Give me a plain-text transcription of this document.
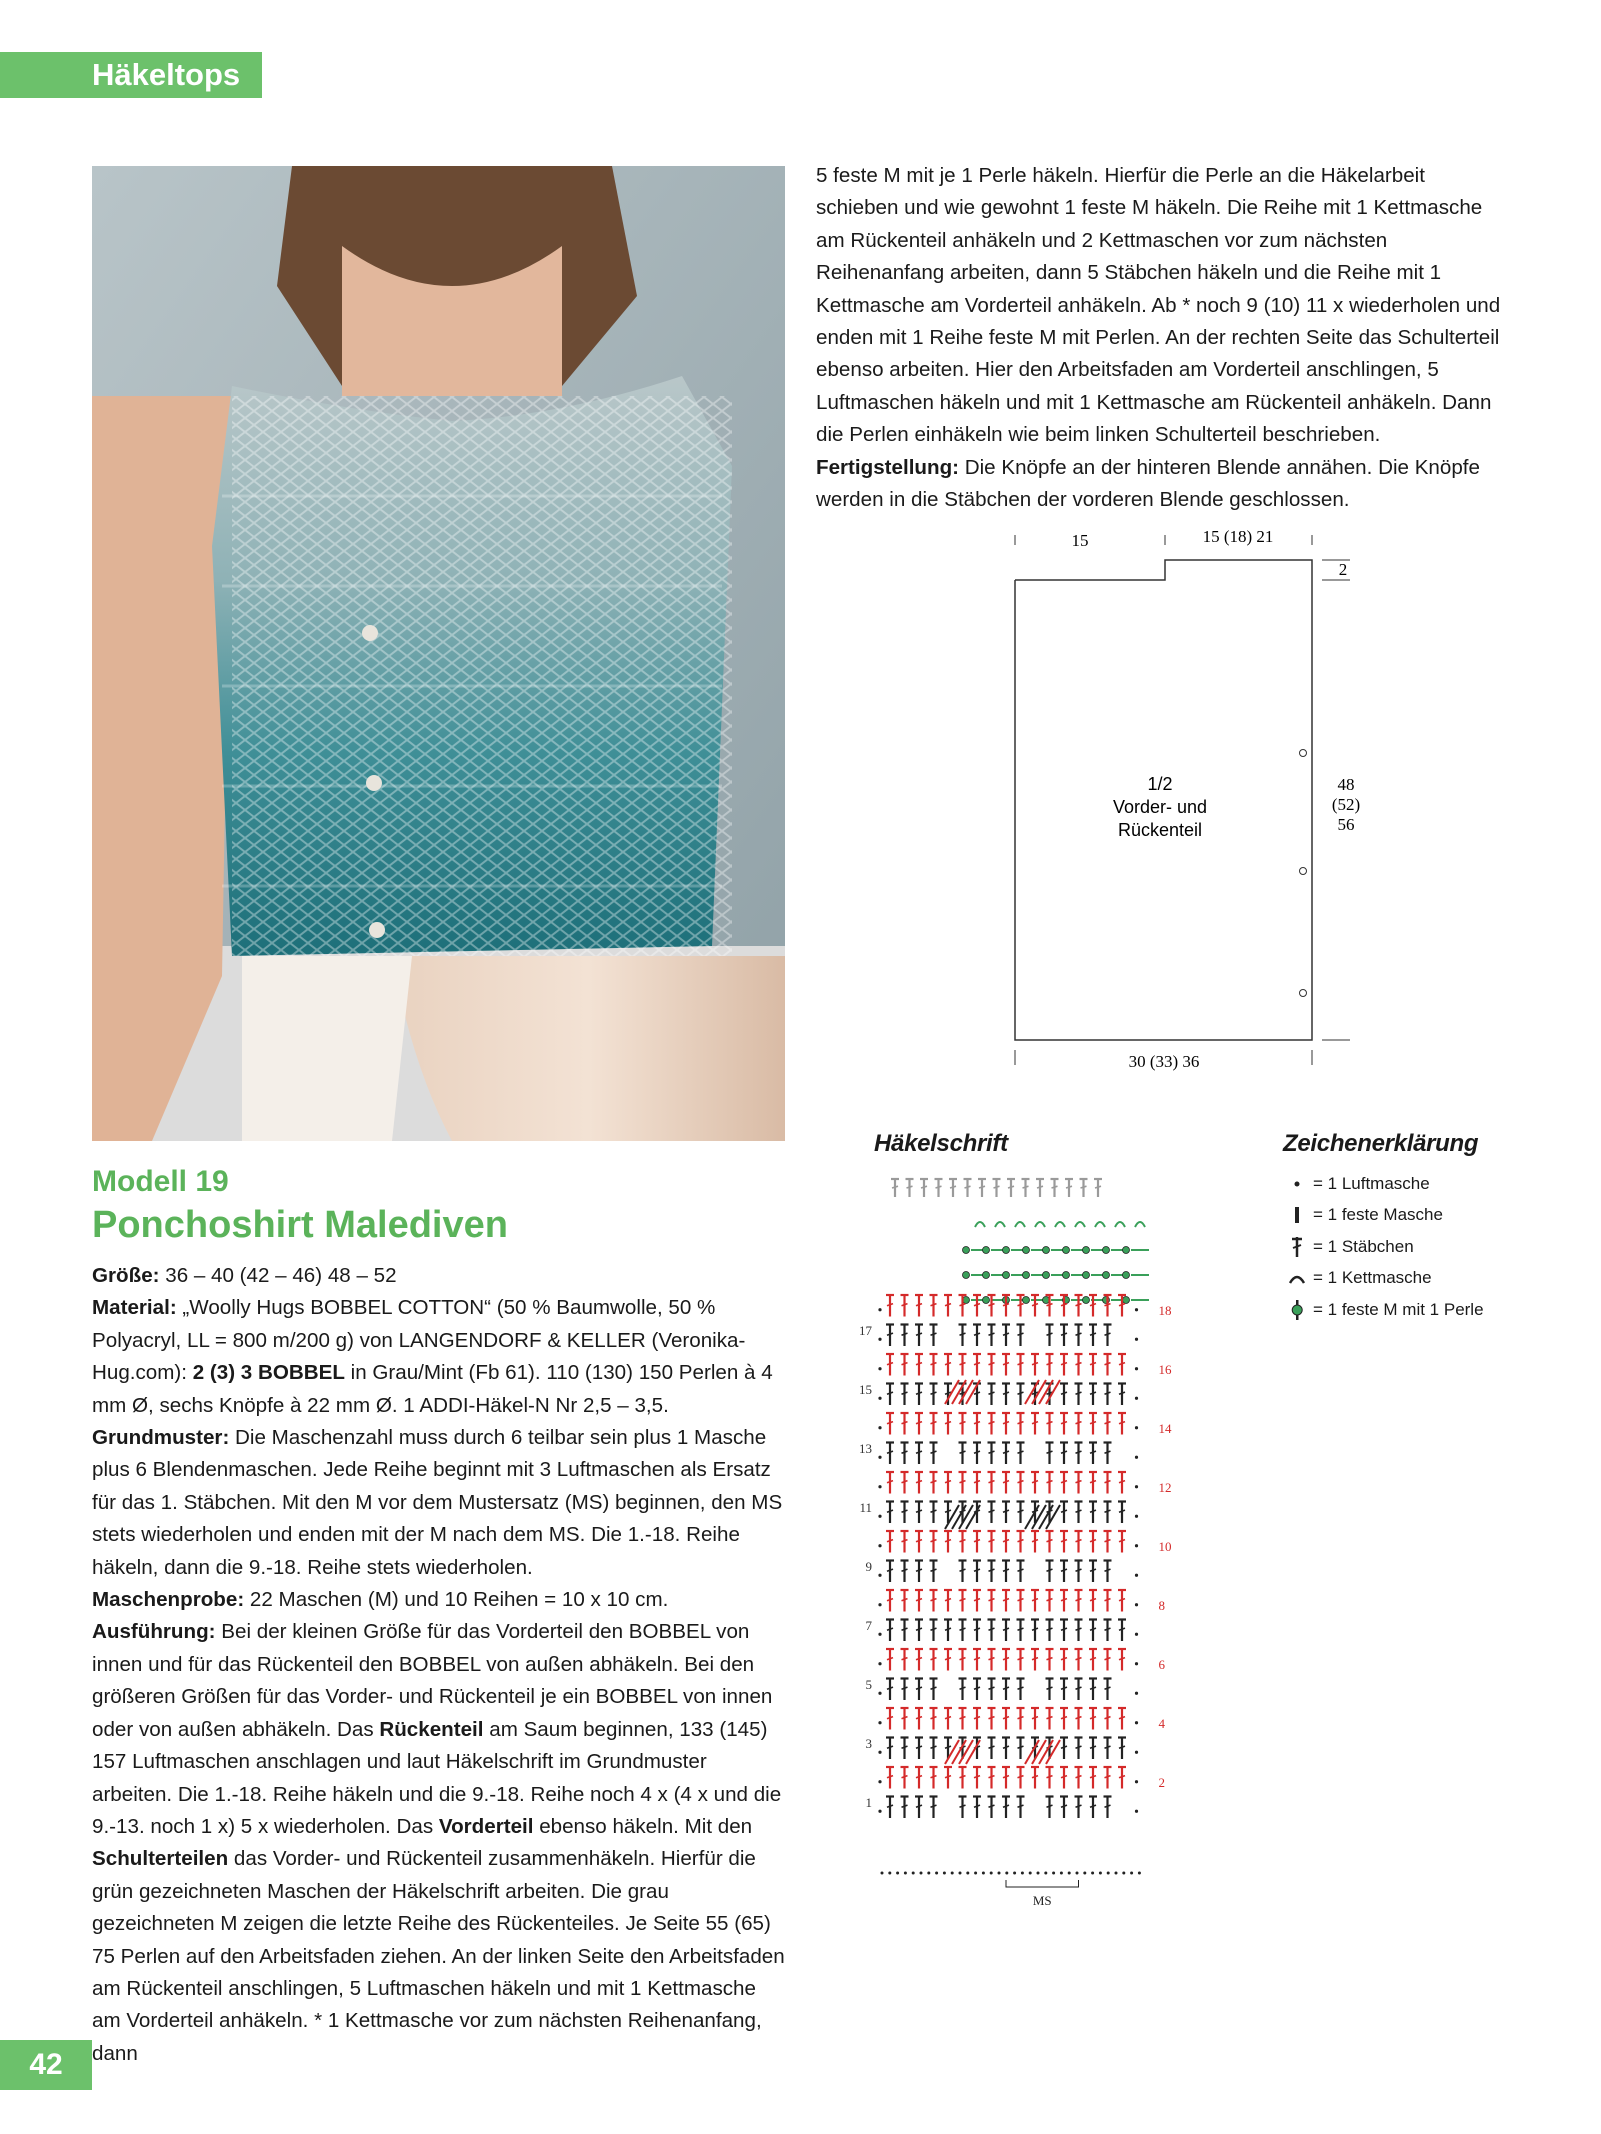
Häkeltops

5 feste M mit je 1 Perle häkeln. Hierfür die Perle an die Häkelarbeit schieben und wie gewohnt 1 feste M häkeln. Die Reihe mit 1 Kettmasche am Rückenteil anhäkeln und 2 Kettmaschen vor zum nächsten Reihenanfang arbeiten, dann 5 Stäbchen häkeln und die Reihe mit 1 Kettmasche am Vorderteil anhäkeln. Ab * noch 9 (10) 11 x wiederholen und enden mit 1 Reihe feste M mit Perlen. An der rechten Seite das Schulterteil ebenso arbeiten. Hier den Arbeitsfaden am Vorderteil anschlingen, 5 Luftmaschen häkeln und mit 1 Kettmasche am Rückenteil anhäkeln. Dann die Perlen einhäkeln wie beim linken Schulterteil beschrieben. Fertigstellung: Die Knöpfe an der hinteren Blende annähen. Die Knöpfe werden in die Stäbchen der vorderen Blende geschlossen.

15	15 (18) 21
2
1/2
Vorder- und
Rückenteil
48
(52)
56
30 (33) 36
Modell 19
Ponchoshirt Malediven

Größe: 36 – 40 (42 – 46) 48 – 52

Material: „Woolly Hugs BOBBEL COTTON“ (50 % Baumwolle, 50 % Polyacryl, LL = 800 m/200 g) von LANGENDORF & KELLER (Veronika-Hug.com): 2 (3) 3 BOBBEL in Grau/Mint (Fb 61). 110 (130) 150 Perlen à 4 mm Ø, sechs Knöpfe à 22 mm Ø. 1 ADDI-Häkel-N Nr 2,5 – 3,5.

Grundmuster: Die Maschenzahl muss durch 6 teilbar sein plus 1 Masche plus 6 Blendenmaschen. Jede Reihe beginnt mit 3 Luftmaschen als Ersatz für das 1. Stäbchen. Mit den M vor dem Mustersatz (MS) beginnen, den MS stets wiederholen und enden mit der M nach dem MS. Die 1.-18. Reihe häkeln, dann die 9.-18. Reihe stets wiederholen.

Maschenprobe: 22 Maschen (M) und 10 Reihen = 10 x 10 cm.

Ausführung: Bei der kleinen Größe für das Vorderteil den BOBBEL von innen und für das Rückenteil den BOBBEL von außen abhäkeln. Bei den größeren Größen für das Vorder- und Rückenteil je ein BOBBEL von innen oder von außen abhäkeln. Das Rückenteil am Saum beginnen, 133 (145) 157 Luftmaschen anschlagen und laut Häkelschrift im Grundmuster arbeiten. Die 1.-18. Reihe häkeln und die 9.-18. Reihe noch 4 x (4 x und die 9.-13. noch 1 x) 5 x wiederholen. Das Vorderteil ebenso häkeln. Mit den Schulterteilen das Vorder- und Rückenteil zusammenhäkeln. Hierfür die grün gezeichneten Maschen der Häkelschrift arbeiten. Die grau gezeichneten M zeigen die letzte Reihe des Rückenteiles. Je Seite 55 (65) 75 Perlen auf den Arbeitsfaden ziehen. An der linken Seite den Arbeitsfaden am Rückenteil anschlingen, 5 Luftmaschen häkeln und mit 1 Kettmasche am Vorderteil anhäkeln. * 1 Kettmasche vor zum nächsten Reihenanfang, dann

Häkelschrift	Zeichenerklärung
17
15
13
11
9
7
5
3
1
18
16
14
12
10
8
6
4
2
MS
= 1 Luftmasche
= 1 feste Masche
= 1 Stäbchen
= 1 Kettmasche
= 1 feste M mit 1 Perle
42
